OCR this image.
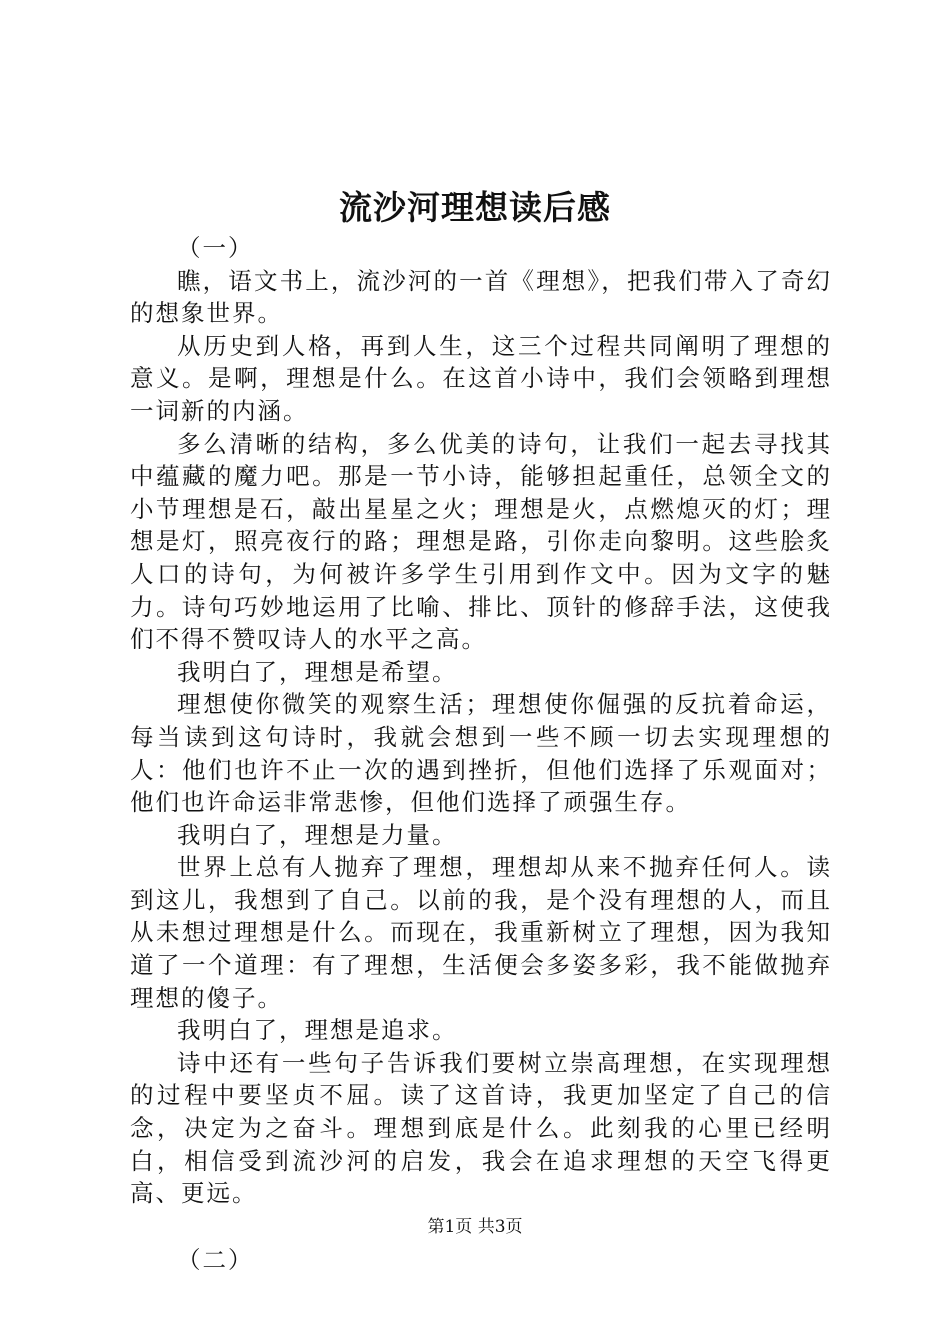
流沙河理想读后感

（一）

瞧，语文书上，流沙河的一首《理想》，把我们带入了奇幻的想象世界。

从历史到人格，再到人生，这三个过程共同阐明了理想的意义。是啊，理想是什么。在这首小诗中，我们会领略到理想一词新的内涵。

多么清晰的结构，多么优美的诗句，让我们一起去寻找其中蕴藏的魔力吧。那是一节小诗，能够担起重任，总领全文的小节理想是石，敲出星星之火；理想是火，点燃熄灭的灯；理想是灯，照亮夜行的路；理想是路，引你走向黎明。这些脍炙人口的诗句，为何被许多学生引用到作文中。因为文字的魅力。诗句巧妙地运用了比喻、排比、顶针的修辞手法，这使我们不得不赞叹诗人的水平之高。

我明白了，理想是希望。

理想使你微笑的观察生活；理想使你倔强的反抗着命运，每当读到这句诗时，我就会想到一些不顾一切去实现理想的人：他们也许不止一次的遇到挫折，但他们选择了乐观面对；他们也许命运非常悲惨，但他们选择了顽强生存。

我明白了，理想是力量。

世界上总有人抛弃了理想，理想却从来不抛弃任何人。读到这儿，我想到了自己。以前的我，是个没有理想的人，而且从未想过理想是什么。而现在，我重新树立了理想，因为我知道了一个道理：有了理想，生活便会多姿多彩，我不能做抛弃理想的傻子。

我明白了，理想是追求。

诗中还有一些句子告诉我们要树立崇高理想，在实现理想的过程中要坚贞不屈。读了这首诗，我更加坚定了自己的信念，决定为之奋斗。理想到底是什么。此刻我的心里已经明白，相信受到流沙河的启发，我会在追求理想的天空飞得更高、更远。

（二）

第1页 共3页
